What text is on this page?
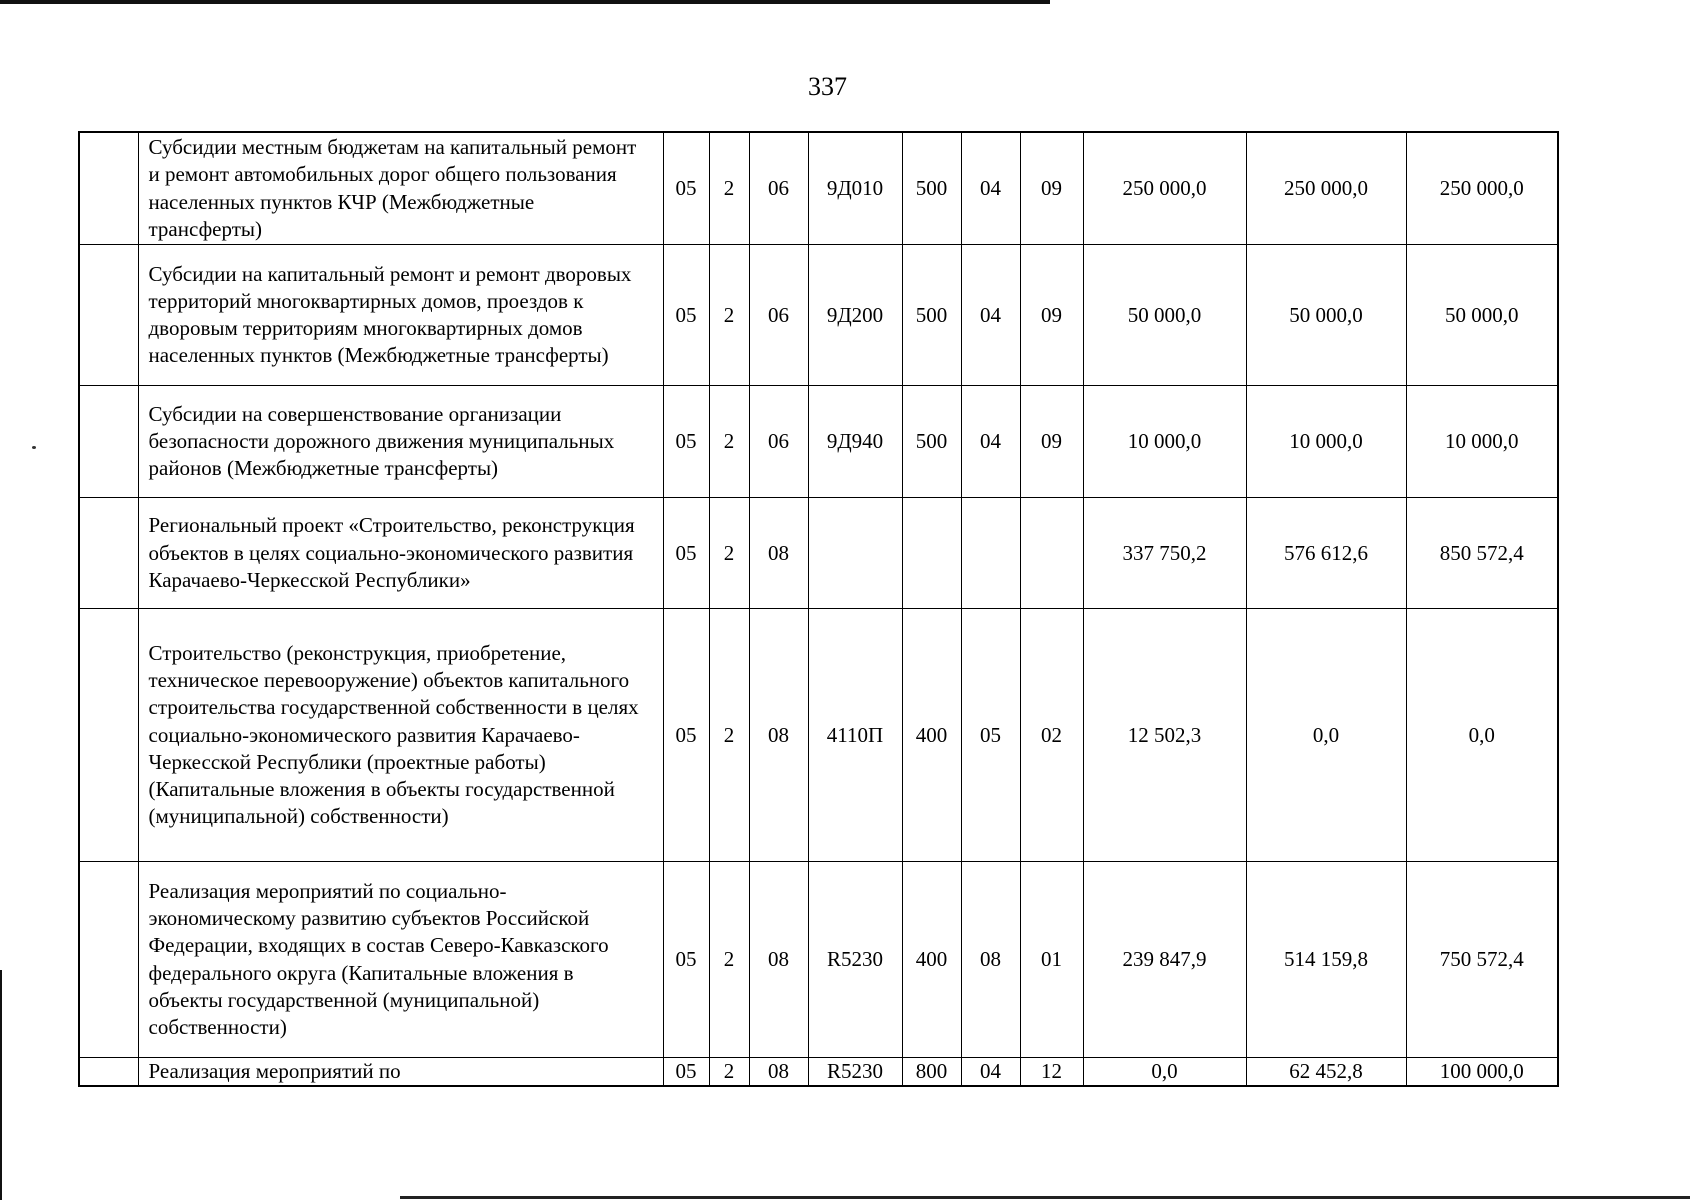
337
	Субсидии местным бюджетам на капитальный ремонт и ремонт автомобильных дорог общего пользования населенных пунктов КЧР (Межбюджетные трансферты)	05	2	06	9Д010	500	04	09	250 000,0	250 000,0	250 000,0
	Субсидии на капитальный ремонт и ремонт дворовых территорий многоквартирных домов, проездов к дворовым территориям многоквартирных домов населенных пунктов (Межбюджетные трансферты)	05	2	06	9Д200	500	04	09	50 000,0	50 000,0	50 000,0
	Субсидии на совершенствование организации безопасности дорожного движения муниципальных районов (Межбюджетные трансферты)	05	2	06	9Д940	500	04	09	10 000,0	10 000,0	10 000,0
	Региональный проект «Строительство, реконструкция объектов в целях социально-экономического развития Карачаево-Черкесской Республики»	05	2	08					337 750,2	576 612,6	850 572,4
	Строительство (реконструкция, приобретение, техническое перевооружение) объектов капитального строительства государственной собственности в целях социально-экономического развития Карачаево-Черкесской Республики (проектные работы) (Капитальные вложения в объекты государственной (муниципальной) собственности)	05	2	08	4110П	400	05	02	12 502,3	0,0	0,0
	Реализация мероприятий по социально-экономическому развитию субъектов Российской Федерации, входящих в состав Северо-Кавказского федерального округа (Капитальные вложения в объекты государственной (муниципальной) собственности)	05	2	08	R5230	400	08	01	239 847,9	514 159,8	750 572,4
	Реализация мероприятий по	05	2	08	R5230	800	04	12	0,0	62 452,8	100 000,0
